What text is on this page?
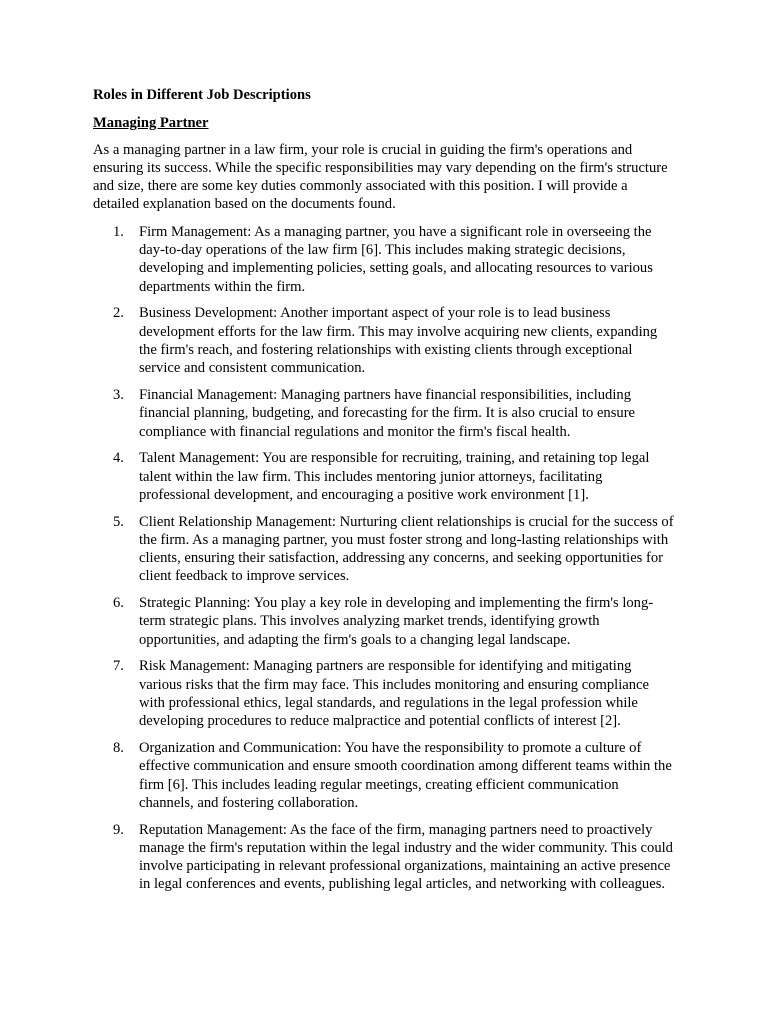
Roles in Different Job Descriptions
Managing Partner

As a managing partner in a law firm, your role is crucial in guiding the firm's operations and ensuring its success. While the specific responsibilities may vary depending on the firm's structure and size, there are some key duties commonly associated with this position. I will provide a detailed explanation based on the documents found.

1. Firm Management: As a managing partner, you have a significant role in overseeing the day-to-day operations of the law firm [6]. This includes making strategic decisions, developing and implementing policies, setting goals, and allocating resources to various departments within the firm.
2. Business Development: Another important aspect of your role is to lead business development efforts for the law firm. This may involve acquiring new clients, expanding the firm's reach, and fostering relationships with existing clients through exceptional service and consistent communication.
3. Financial Management: Managing partners have financial responsibilities, including financial planning, budgeting, and forecasting for the firm. It is also crucial to ensure compliance with financial regulations and monitor the firm's fiscal health.
4. Talent Management: You are responsible for recruiting, training, and retaining top legal talent within the law firm. This includes mentoring junior attorneys, facilitating professional development, and encouraging a positive work environment [1].
5. Client Relationship Management: Nurturing client relationships is crucial for the success of the firm. As a managing partner, you must foster strong and long-lasting relationships with clients, ensuring their satisfaction, addressing any concerns, and seeking opportunities for client feedback to improve services.
6. Strategic Planning: You play a key role in developing and implementing the firm's long-term strategic plans. This involves analyzing market trends, identifying growth opportunities, and adapting the firm's goals to a changing legal landscape.
7. Risk Management: Managing partners are responsible for identifying and mitigating various risks that the firm may face. This includes monitoring and ensuring compliance with professional ethics, legal standards, and regulations in the legal profession while developing procedures to reduce malpractice and potential conflicts of interest [2].
8. Organization and Communication: You have the responsibility to promote a culture of effective communication and ensure smooth coordination among different teams within the firm [6]. This includes leading regular meetings, creating efficient communication channels, and fostering collaboration.
9. Reputation Management: As the face of the firm, managing partners need to proactively manage the firm's reputation within the legal industry and the wider community. This could involve participating in relevant professional organizations, maintaining an active presence in legal conferences and events, publishing legal articles, and networking with colleagues.
